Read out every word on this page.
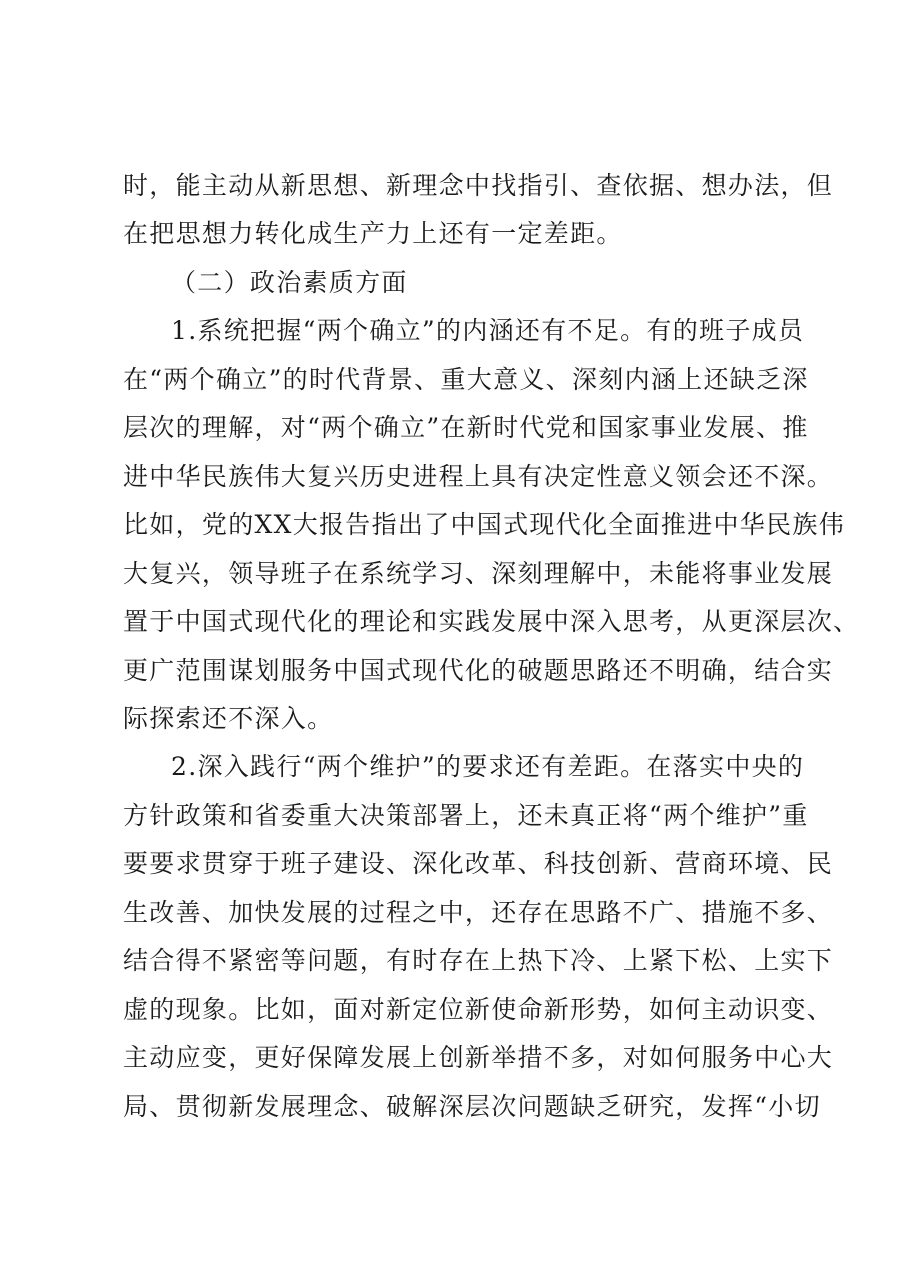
时，能主动从新思想、新理念中找指引、查依据、想办法，但
在把思想力转化成生产力上还有一定差距。
（二）政治素质方面
1.系统把握“两个确立”的内涵还有不足。有的班子成员
在“两个确立”的时代背景、重大意义、深刻内涵上还缺乏深
层次的理解，对“两个确立”在新时代党和国家事业发展、推
进中华民族伟大复兴历史进程上具有决定性意义领会还不深。
比如，党的XX大报告指出了中国式现代化全面推进中华民族伟
大复兴，领导班子在系统学习、深刻理解中，未能将事业发展
置于中国式现代化的理论和实践发展中深入思考，从更深层次、
更广范围谋划服务中国式现代化的破题思路还不明确，结合实
际探索还不深入。
2.深入践行“两个维护”的要求还有差距。在落实中央的
方针政策和省委重大决策部署上，还未真正将“两个维护”重
要要求贯穿于班子建设、深化改革、科技创新、营商环境、民
生改善、加快发展的过程之中，还存在思路不广、措施不多、
结合得不紧密等问题，有时存在上热下冷、上紧下松、上实下
虚的现象。比如，面对新定位新使命新形势，如何主动识变、
主动应变，更好保障发展上创新举措不多，对如何服务中心大
局、贯彻新发展理念、破解深层次问题缺乏研究，发挥“小切
